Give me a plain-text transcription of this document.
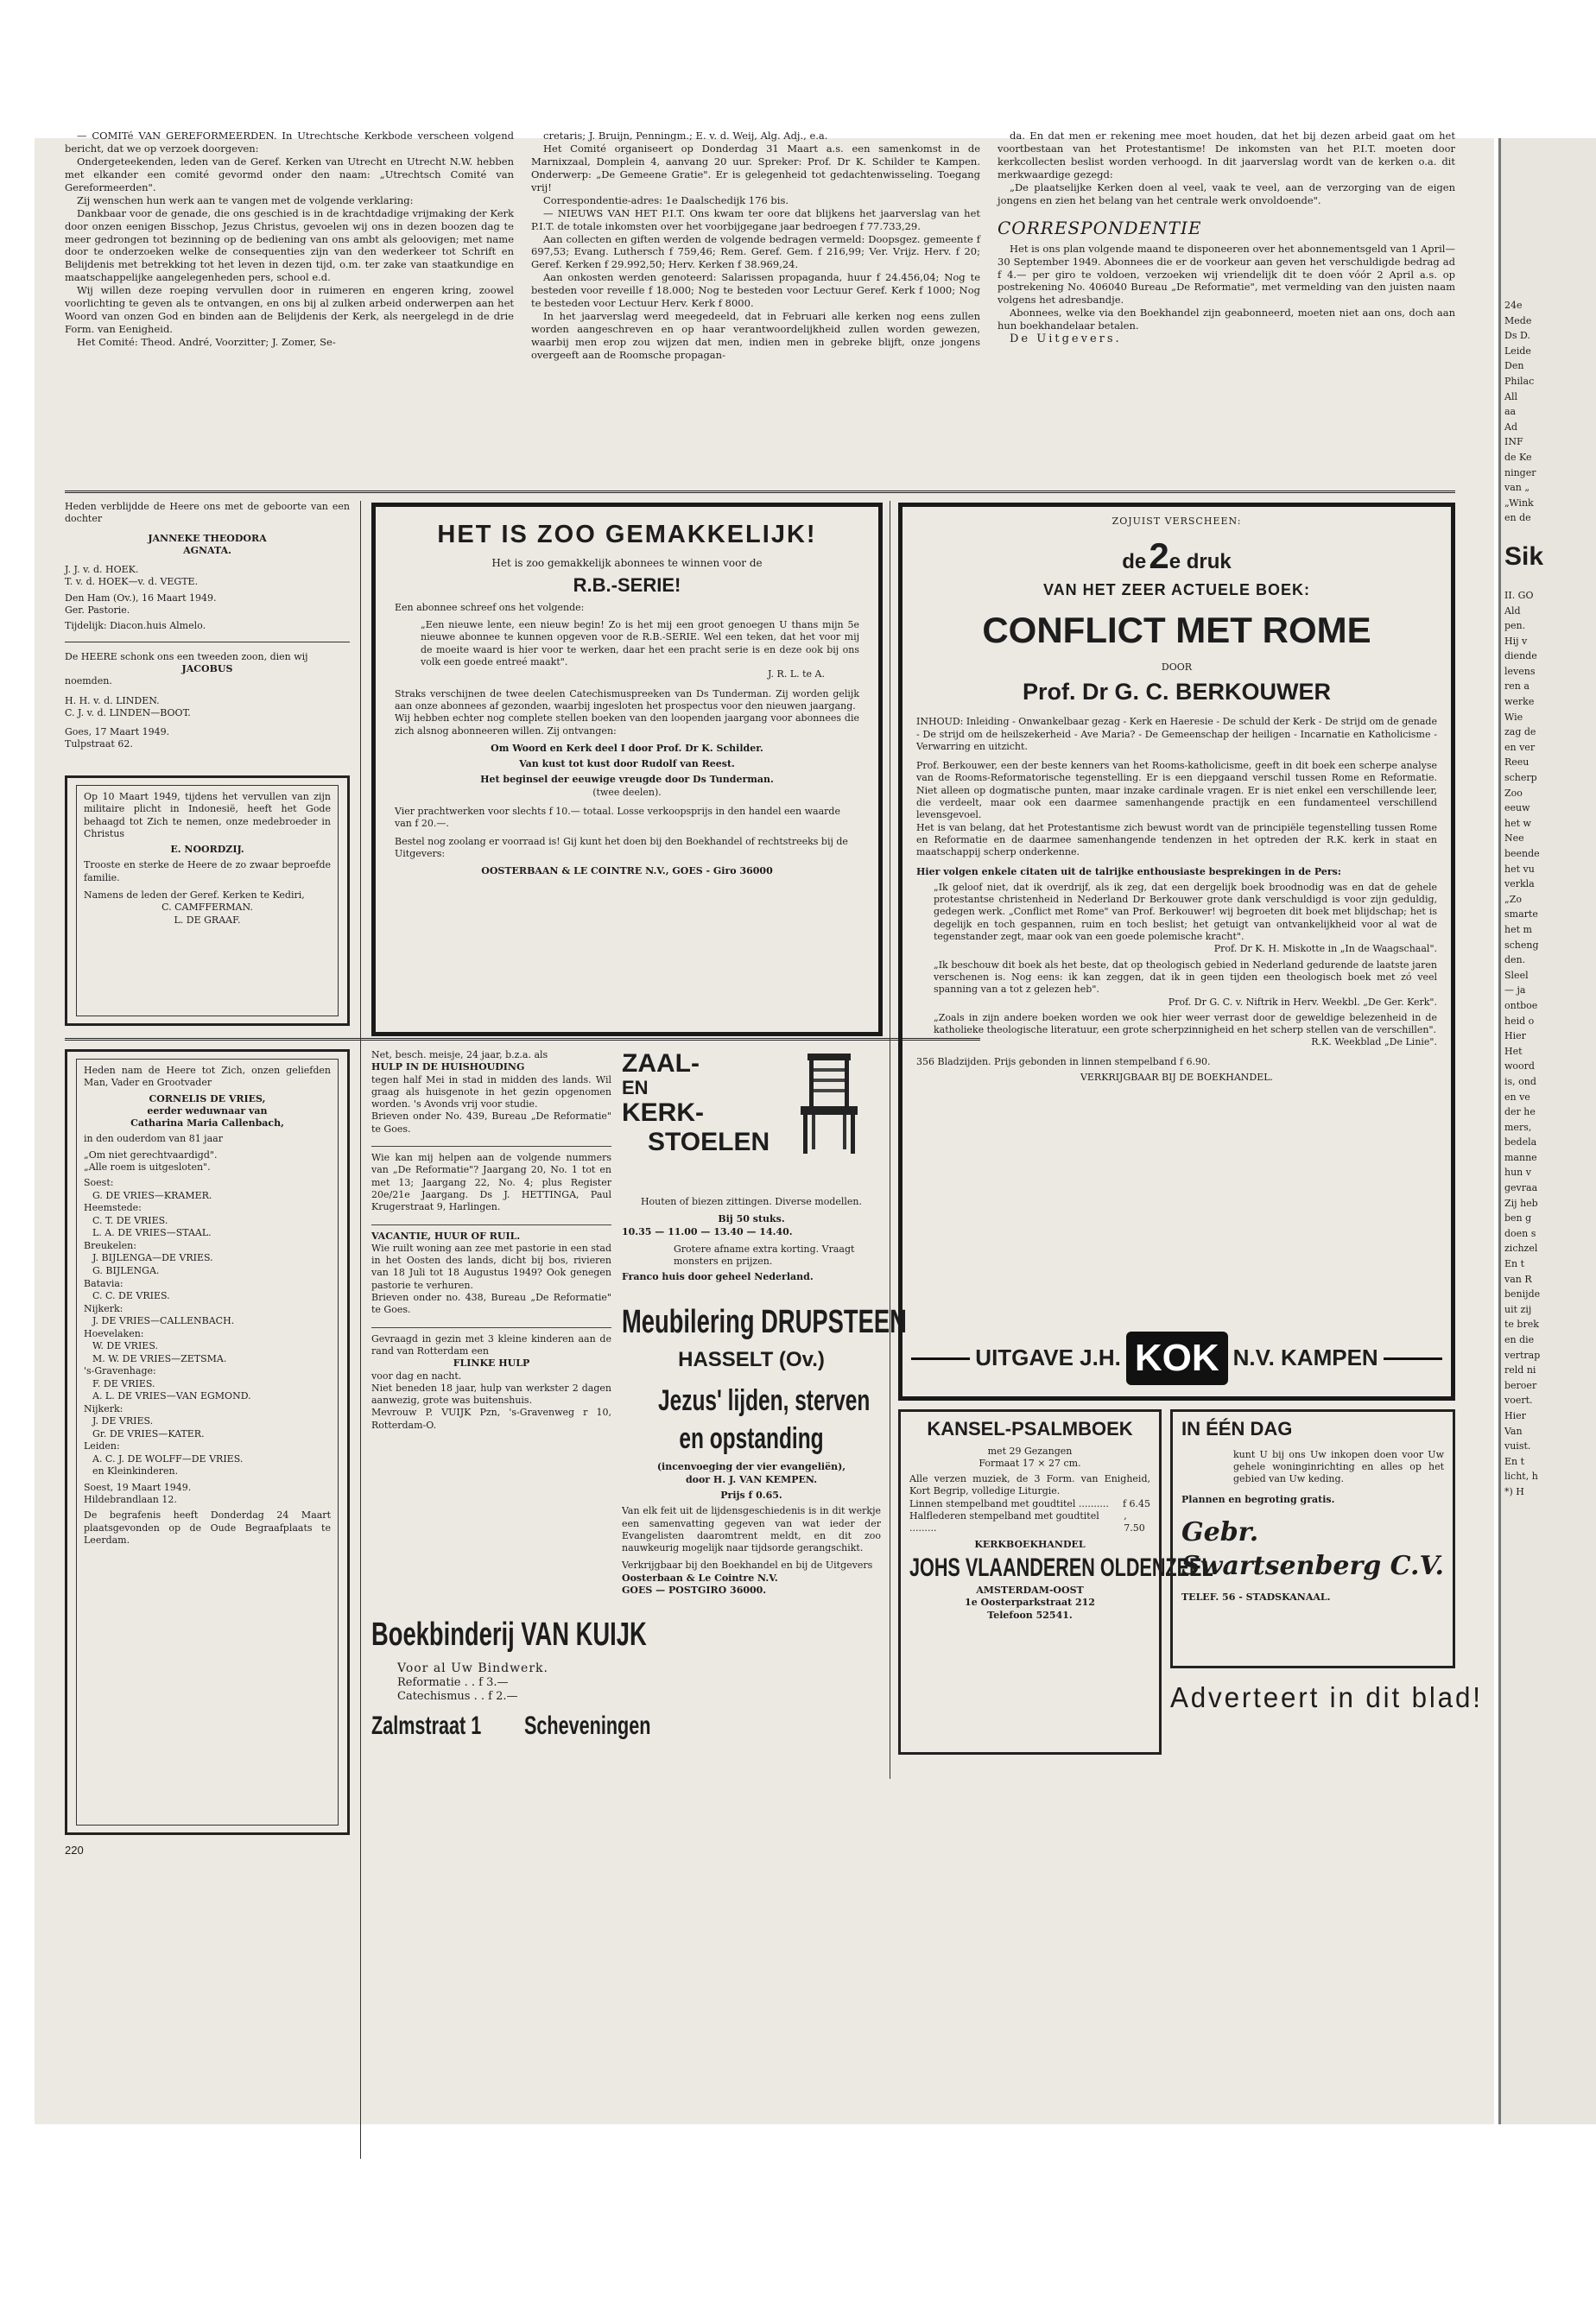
24e

Mede

Ds D.

Leide

Den

Philac

All

aa

Ad

INF

de Ke

ninger

van „

„Wink

en de

Sik

II. GO

Ald

pen.

Hij v

diende

levens

ren a

werke

Wie

zag de

en ver

Reeu

scherp

Zoo

eeuw

het w

Nee

beende

het vu

verkla

„Zo

smarte

het m

scheng

den.

Sleel

— ja

ontboe

heid o

Hier

Het

woord

is, ond

en ve

der he

mers,

bedela

manne

hun v

gevraa

Zij heb

ben g

doen s

zichzel

En t

van R

benijde

uit zij

te brek

en die

vertrap

reld ni

beroer

voert.

Hier

Van

vuist.

En t

licht, h

*) H

— COMITé VAN GEREFORMEERDEN. In Utrechtsche Kerkbode verscheen volgend bericht, dat we op verzoek doorgeven:

Ondergeteekenden, leden van de Geref. Kerken van Utrecht en Utrecht N.W. hebben met elkander een comité gevormd onder den naam: „Utrechtsch Comité van Gereformeerden".

Zij wenschen hun werk aan te vangen met de volgende verklaring:

Dankbaar voor de genade, die ons geschied is in de krachtdadige vrijmaking der Kerk door onzen eenigen Bisschop, Jezus Christus, gevoelen wij ons in dezen boozen dag te meer gedrongen tot bezinning op de bediening van ons ambt als geloovigen; met name door te onderzoeken welke de consequenties zijn van den wederkeer tot Schrift en Belijdenis met betrekking tot het leven in dezen tijd, o.m. ter zake van staatkundige en maatschappelijke aangelegenheden pers, school e.d.

Wij willen deze roeping vervullen door in ruimeren en engeren kring, zoowel voorlichting te geven als te ontvangen, en ons bij al zulken arbeid onderwerpen aan het Woord van onzen God en binden aan de Belijdenis der Kerk, als neergelegd in de drie Form. van Eenigheid.

Het Comité: Theod. André, Voorzitter; J. Zomer, Se-

cretaris; J. Bruijn, Penningm.; E. v. d. Weij, Alg. Adj., e.a.

Het Comité organiseert op Donderdag 31 Maart a.s. een samenkomst in de Marnixzaal, Domplein 4, aanvang 20 uur. Spreker: Prof. Dr K. Schilder te Kampen. Onderwerp: „De Gemeene Gratie". Er is gelegenheid tot gedachtenwisseling. Toegang vrij!

Correspondentie-adres: 1e Daalschedijk 176 bis.

— NIEUWS VAN HET P.I.T. Ons kwam ter oore dat blijkens het jaarverslag van het P.I.T. de totale inkomsten over het voorbijgegane jaar bedroegen f 77.733,29.

Aan collecten en giften werden de volgende bedragen vermeld: Doopsgez. gemeente f 697,53; Evang. Luthersch f 759,46; Rem. Geref. Gem. f 216,99; Ver. Vrijz. Herv. f 20; Geref. Kerken f 29.992,50; Herv. Kerken f 38.969,24.

Aan onkosten werden genoteerd: Salarissen propaganda, huur f 24.456,04; Nog te besteden voor reveille f 18.000; Nog te besteden voor Lectuur Geref. Kerk f 1000; Nog te besteden voor Lectuur Herv. Kerk f 8000.

In het jaarverslag werd meegedeeld, dat in Februari alle kerken nog eens zullen worden aangeschreven en op haar verantwoordelijkheid zullen worden gewezen, waarbij men erop zou wijzen dat men, indien men in gebreke blijft, onze jongens overgeeft aan de Roomsche propagan-

da. En dat men er rekening mee moet houden, dat het bij dezen arbeid gaat om het voortbestaan van het Protestantisme! De inkomsten van het P.I.T. moeten door kerkcollecten beslist worden verhoogd. In dit jaarverslag wordt van de kerken o.a. dit merkwaardige gezegd:

„De plaatselijke Kerken doen al veel, vaak te veel, aan de verzorging van de eigen jongens en zien het belang van het centrale werk onvoldoende".

CORRESPONDENTIE

Het is ons plan volgende maand te disponeeren over het abonnementsgeld van 1 April—30 September 1949. Abonnees die er de voorkeur aan geven het verschuldigde bedrag ad f 4.— per giro te voldoen, verzoeken wij vriendelijk dit te doen vóór 2 April a.s. op postrekening No. 406040 Bureau „De Reformatie", met vermelding van den juisten naam volgens het adresbandje.

Abonnees, welke via den Boekhandel zijn geabonneerd, moeten niet aan ons, doch aan hun boekhandelaar betalen.

De Uitgevers.

Heden verblijdde de Heere ons met de geboorte van een dochter
JANNEKE THEODORA
AGNATA.
J. J. v. d. HOEK.
T. v. d. HOEK—v. d. VEGTE.
Den Ham (Ov.), 16 Maart 1949.
Ger. Pastorie.
Tijdelijk: Diacon.huis Almelo.
De HEERE schonk ons een tweeden zoon, dien wij
JACOBUS
noemden.
H. H. v. d. LINDEN.
C. J. v. d. LINDEN—BOOT.
Goes, 17 Maart 1949.
Tulpstraat 62.
Op 10 Maart 1949, tijdens het vervullen van zijn militaire plicht in Indonesië, heeft het Gode behaagd tot Zich te nemen, onze medebroeder in Christus
E. NOORDZIJ.
Trooste en sterke de Heere de zo zwaar beproefde familie.
Namens de leden der Geref. Kerken te Kediri,
C. CAMFFERMAN.
L. DE GRAAF.
Heden nam de Heere tot Zich, onzen geliefden Man, Vader en Grootvader
CORNELIS DE VRIES,
eerder weduwnaar van
Catharina Maria Callenbach,
in den ouderdom van 81 jaar
„Om niet gerechtvaardigd".
„Alle roem is uitgesloten".
Soest:
G. DE VRIES—KRAMER.
Heemstede:
C. T. DE VRIES.
L. A. DE VRIES—STAAL.
Breukelen:
J. BIJLENGA—DE VRIES.
G. BIJLENGA.
Batavia:
C. C. DE VRIES.
Nijkerk:
J. DE VRIES—CALLENBACH.
Hoevelaken:
W. DE VRIES.
M. W. DE VRIES—ZETSMA.
's-Gravenhage:
F. DE VRIES.
A. L. DE VRIES—VAN EGMOND.
Nijkerk:
J. DE VRIES.
Gr. DE VRIES—KATER.
Leiden:
A. C. J. DE WOLFF—DE VRIES.
en Kleinkinderen.
Soest, 19 Maart 1949.
Hildebrandlaan 12.
De begrafenis heeft Donderdag 24 Maart plaatsgevonden op de Oude Begraafplaats te Leerdam.
220
HET IS ZOO GEMAKKELIJK!
Het is zoo gemakkelijk abonnees te winnen voor de
R.B.-SERIE!
Een abonnee schreef ons het volgende:
„Een nieuwe lente, een nieuw begin! Zo is het mij een groot genoegen U thans mijn 5e nieuwe abonnee te kunnen opgeven voor de R.B.-SERIE. Wel een teken, dat het voor mij de moeite waard is hier voor te werken, daar het een pracht serie is en deze ook bij ons volk een goede entreé maakt".
J. R. L. te A.
Straks verschijnen de twee deelen Catechismuspreeken van Ds Tunderman. Zij worden gelijk aan onze abonnees af gezonden, waarbij ingesloten het prospectus voor den nieuwen jaargang.
Wij hebben echter nog complete stellen boeken van den loopenden jaargang voor abonnees die zich alsnog abonneeren willen. Zij ontvangen:
Om Woord en Kerk deel I door Prof. Dr K. Schilder.
Van kust tot kust door Rudolf van Reest.
Het beginsel der eeuwige vreugde door Ds Tunderman.
(twee deelen).
Vier prachtwerken voor slechts f 10.— totaal. Losse verkoopsprijs in den handel een waarde van f 20.—.
Bestel nog zoolang er voorraad is! Gij kunt het doen bij den Boekhandel of rechtstreeks bij de Uitgevers:
OOSTERBAAN & LE COINTRE N.V., GOES - Giro 36000
Net, besch. meisje, 24 jaar, b.z.a. als
HULP IN DE HUISHOUDING
tegen half Mei in stad in midden des lands. Wil graag als huisgenote in het gezin opgenomen worden. 's Avonds vrij voor studie.
Brieven onder No. 439, Bureau „De Reformatie" te Goes.
Wie kan mij helpen aan de volgende nummers van „De Reformatie"? Jaargang 20, No. 1 tot en met 13; Jaargang 22, No. 4; plus Register 20e/21e Jaargang. Ds J. HETTINGA, Paul Krugerstraat 9, Harlingen.
VACANTIE, HUUR OF RUIL.
Wie ruilt woning aan zee met pastorie in een stad in het Oosten des lands, dicht bij bos, rivieren van 18 Juli tot 18 Augustus 1949? Ook genegen pastorie te verhuren.
Brieven onder no. 438, Bureau „De Reformatie" te Goes.
Gevraagd in gezin met 3 kleine kinderen aan de rand van Rotterdam een
FLINKE HULP
voor dag en nacht.
Niet beneden 18 jaar, hulp van werkster 2 dagen aanwezig, grote was buitenshuis.
Mevrouw P. VUIJK Pzn, 's-Gravenweg r 10, Rotterdam-O.
ZAAL-
EN
KERK-
STOELEN
Houten of biezen zittingen. Diverse modellen.
Bij 50 stuks.
10.35 — 11.00 — 13.40 — 14.40.
Grotere afname extra korting. Vraagt monsters en prijzen.
Franco huis door geheel Nederland.
Meubilering DRUPSTEEN
HASSELT (Ov.)
Boekbinderij VAN KUIJK
Voor al Uw Bindwerk.
Reformatie . . f 3.—
Catechismus . . f 2.—
Zalmstraat 1 Scheveningen
Jezus' lijden, sterven
en opstanding
(incenvoeging der vier evangeliën),
door H. J. VAN KEMPEN.
Prijs f 0.65.
Van elk feit uit de lijdensgeschiedenis is in dit werkje een samenvatting gegeven van wat ieder der Evangelisten daaromtrent meldt, en dit zoo nauwkeurig mogelijk naar tijdsorde gerangschikt.
Verkrijgbaar bij den Boekhandel en bij de Uitgevers
Oosterbaan & Le Cointre N.V.
GOES — POSTGIRO 36000.
ZOJUIST VERSCHEEN:
de 2e druk
VAN HET ZEER ACTUELE BOEK:
CONFLICT MET ROME
DOOR
Prof. Dr G. C. BERKOUWER
INHOUD: Inleiding - Onwankelbaar gezag - Kerk en Haeresie - De schuld der Kerk - De strijd om de genade - De strijd om de heilszekerheid - Ave Maria? - De Gemeenschap der heiligen - Incarnatie en Katholicisme - Verwarring en uitzicht.
Prof. Berkouwer, een der beste kenners van het Rooms-katholicisme, geeft in dit boek een scherpe analyse van de Rooms-Reformatorische tegenstelling. Er is een diepgaand verschil tussen Rome en Reformatie. Niet alleen op dogmatische punten, maar inzake cardinale vragen. Er is niet enkel een verschillende leer, die verdeelt, maar ook een daarmee samenhangende practijk en een fundamenteel verschillend levensgevoel.
Het is van belang, dat het Protestantisme zich bewust wordt van de principiële tegenstelling tussen Rome en Reformatie en de daarmee samenhangende tendenzen in het optreden der R.K. kerk in staat en maatschappij scherp onderkenne.
Hier volgen enkele citaten uit de talrijke enthousiaste besprekingen in de Pers:
„Ik geloof niet, dat ik overdrijf, als ik zeg, dat een dergelijk boek broodnodig was en dat de gehele protestantse christenheid in Nederland Dr Berkouwer grote dank verschuldigd is voor zijn geduldig, gedegen werk. „Conflict met Rome" van Prof. Berkouwer! wij begroeten dit boek met blijdschap; het is degelijk en toch gespannen, ruim en toch beslist; het getuigt van ontvankelijkheid voor al wat de tegenstander zegt, maar ook van een goede polemische kracht".
Prof. Dr K. H. Miskotte in „In de Waagschaal".
„Ik beschouw dit boek als het beste, dat op theologisch gebied in Nederland gedurende de laatste jaren verschenen is. Nog eens: ik kan zeggen, dat ik in geen tijden een theologisch boek met zó veel spanning van a tot z gelezen heb".
Prof. Dr G. C. v. Niftrik in Herv. Weekbl. „De Ger. Kerk".
„Zoals in zijn andere boeken worden we ook hier weer verrast door de geweldige belezenheid in de katholieke theologische literatuur, een grote scherpzinnigheid en het scherp stellen van de verschillen".
R.K. Weekblad „De Linie".
356 Bladzijden. Prijs gebonden in linnen stempelband f 6.90.
VERKRIJGBAAR BIJ DE BOEKHANDEL.
UITGAVE J.H. KOK N.V. KAMPEN
KANSEL-PSALMBOEK
met 29 Gezangen
Formaat 17 × 27 cm.
Alle verzen muziek, de 3 Form. van Enigheid, Kort Begrip, volledige Liturgie.
Linnen stempelband met goudtitel .......... f 6.45
Halflederen stempelband met goudtitel .........
, 7.50
KERKBOEKHANDEL
JOHS VLAANDEREN OLDENZEEL
AMSTERDAM-OOST
1e Oosterparkstraat 212
Telefoon 52541.
IN ÉÉN DAG
kunt U bij ons Uw inkopen doen voor Uw gehele woninginrichting en alles op het gebied van Uw keding.
Plannen en begroting gratis.
Gebr. Swartsenberg C.V.
TELEF. 56 - STADSKANAAL.
Adverteert in dit blad!
